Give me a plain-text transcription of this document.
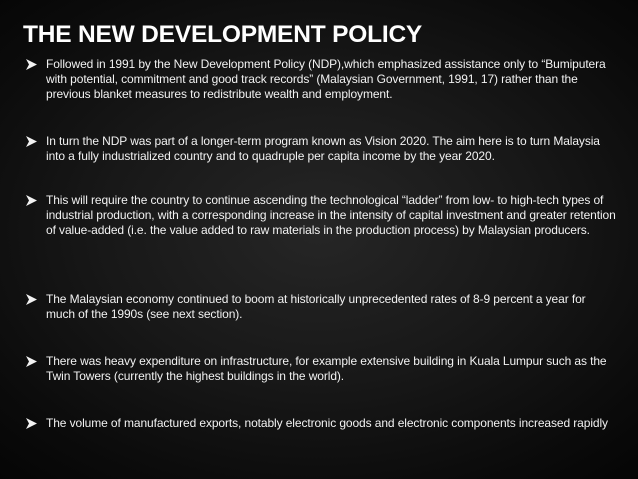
THE NEW DEVELOPMENT POLICY
Followed in 1991 by the New Development Policy (NDP),which emphasized assistance only to “Bumiputera with potential, commitment and good track records” (Malaysian Government, 1991, 17) rather than the previous blanket measures to redistribute wealth and employment.
In turn the NDP was part of a longer-term program known as Vision 2020. The aim here is to turn Malaysia into a fully industrialized country and to quadruple per capita income by the year 2020.
This will require the country to continue ascending the technological “ladder” from low- to high-tech types of industrial production, with a corresponding increase in the intensity of capital investment and greater retention of value-added (i.e. the value added to raw materials in the production process) by Malaysian producers.
The Malaysian economy continued to boom at historically unprecedented rates of 8-9 percent a year for much of the 1990s (see next section).
There was heavy expenditure on infrastructure, for example extensive building in Kuala Lumpur such as the Twin Towers (currently the highest buildings in the world).
The volume of manufactured exports, notably electronic goods and electronic components increased rapidly
